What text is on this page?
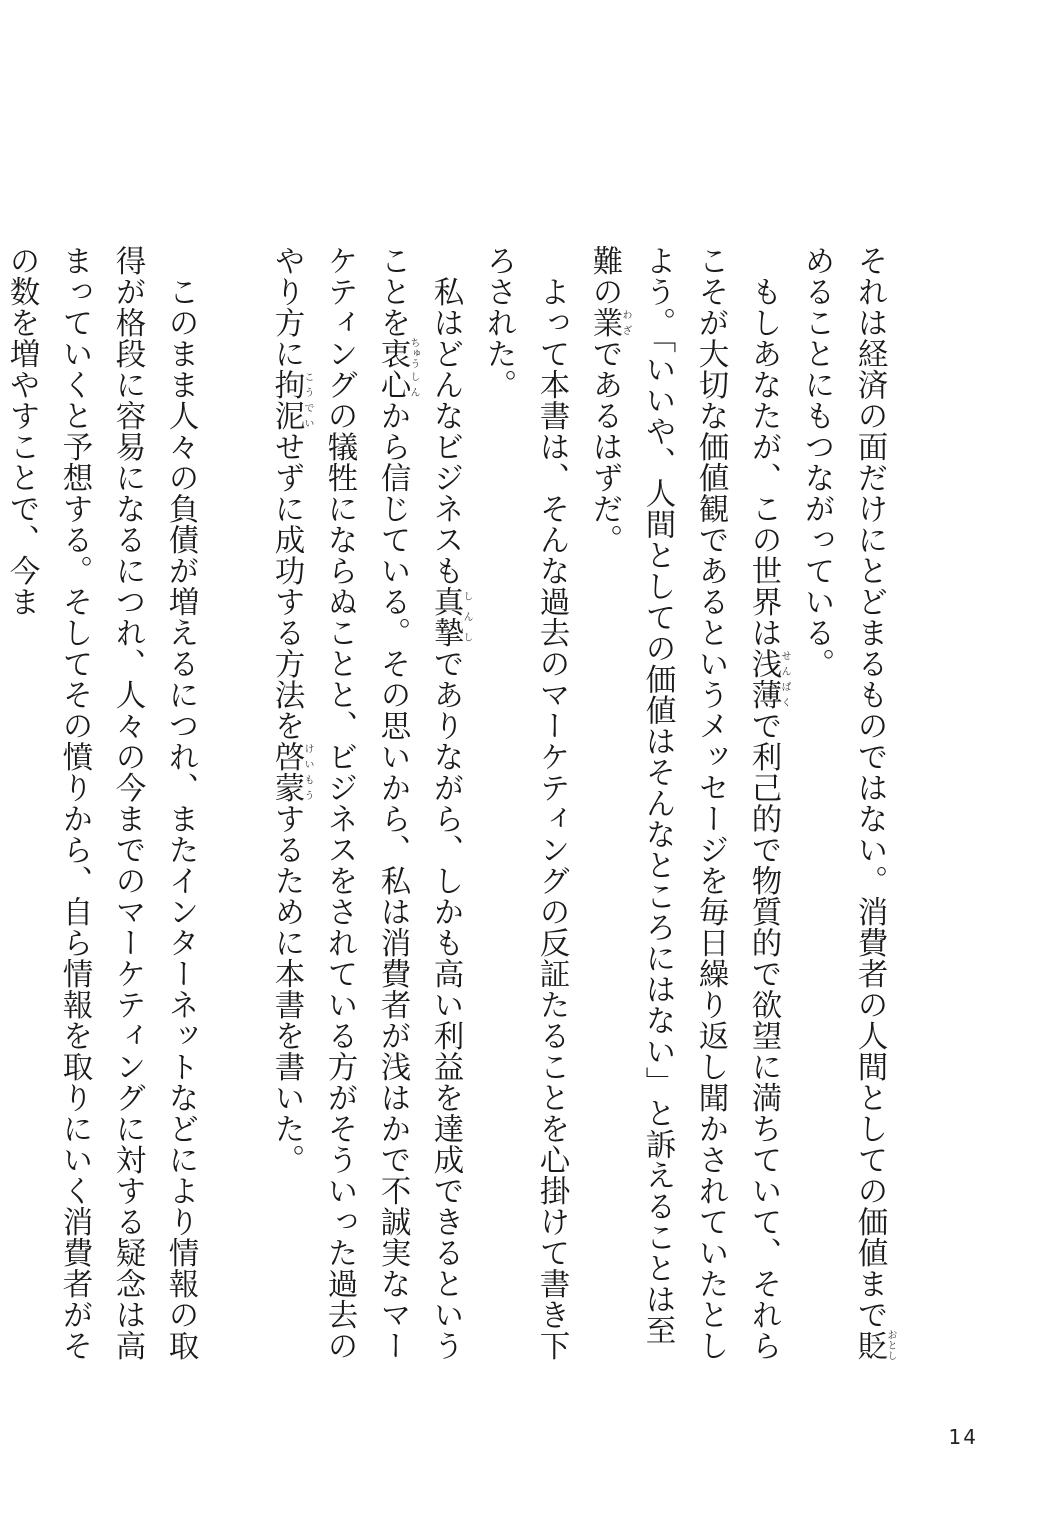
それは経済の面だけにとどまるものではない。消費者の人間としての価値まで貶おとしめることにもつながっている。

もしあなたが、この世界は浅薄せんぱくで利己的で物質的で欲望に満ちていて、それらこそが大切な価値観であるというメッセージを毎日繰り返し聞かされていたとしよう。「いいや、人間としての価値はそんなところにはない」と訴えることは至難の業わざであるはずだ。

よって本書は、そんな過去のマーケティングの反証たることを心掛けて書き下ろされた。

私はどんなビジネスも真摯しんしでありながら、しかも高い利益を達成できるということを衷ちゅう心しんから信じている。その思いから、私は消費者が浅はかで不誠実なマーケティングの犠牲にならぬことと、ビジネスをされている方がそういった過去のやり方に拘泥こうでいせずに成功する方法を啓蒙けいもうするために本書を書いた。

このまま人々の負債が増えるにつれ、またインターネットなどにより情報の取得が格段に容易になるにつれ、人々の今までのマーケティングに対する疑念は高まっていくと予想する。そしてその憤りから、自ら情報を取りにいく消費者がその数を増やすことで、今ま

14
